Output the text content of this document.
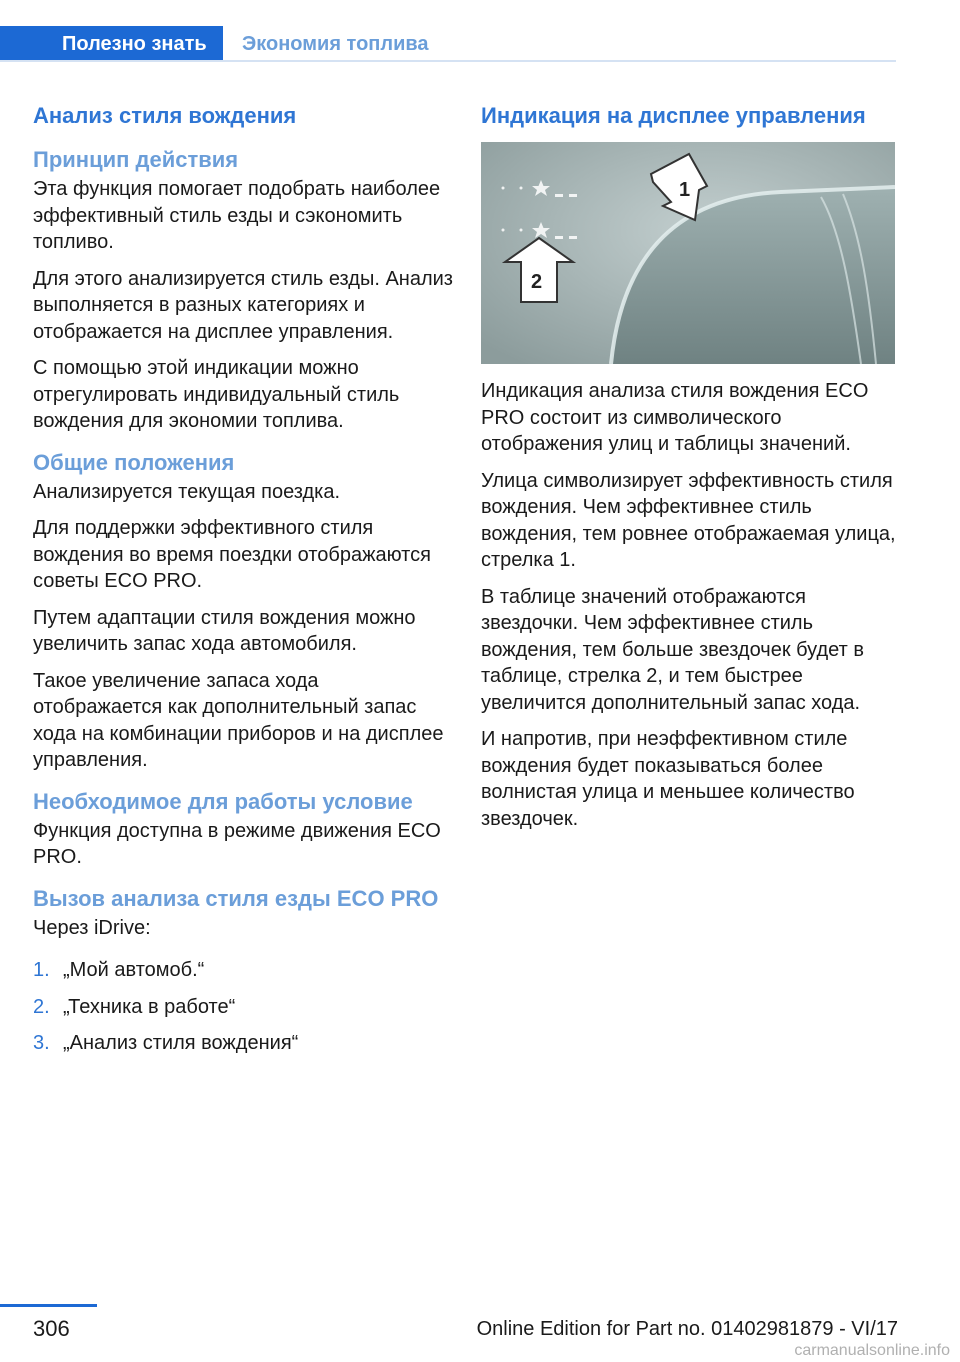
Полезно знать	Экономия топлива
Анализ стиля вождения
Принцип действия

Эта функция помогает подобрать наиболее эффективный стиль езды и сэкономить топливо.

Для этого анализируется стиль езды. Анализ выполняется в разных категориях и отображается на дисплее управления.

С помощью этой индикации можно отрегулировать индивидуальный стиль вождения для экономии топлива.

Общие положения

Анализируется текущая поездка.

Для поддержки эффективного стиля вождения во время поездки отображаются советы ECO PRO.

Путем адаптации стиля вождения можно увеличить запас хода автомобиля.

Такое увеличение запаса хода отображается как дополнительный запас хода на комбинации приборов и на дисплее управления.

Необходимое для работы условие

Функция доступна в режиме движения ECO PRO.

Вызов анализа стиля езды ECO PRO

Через iDrive:

1. „Мой автомоб.“
2. „Техника в работе“
3. „Анализ стиля вождения“
Индикация на дисплее управления
1
2

Индикация анализа стиля вождения ECO PRO состоит из символического отображения улиц и таблицы значений.

Улица символизирует эффективность стиля вождения. Чем эффективнее стиль вождения, тем ровнее отображаемая улица, стрелка 1.

В таблице значений отображаются звездочки. Чем эффективнее стиль вождения, тем больше звездочек будет в таблице, стрелка 2, и тем быстрее увеличится дополнительный запас хода.

И напротив, при неэффективном стиле вождения будет показываться более волнистая улица и меньшее количество звездочек.

306	Online Edition for Part no. 01402981879 - VI/17
carmanualsonline.info
